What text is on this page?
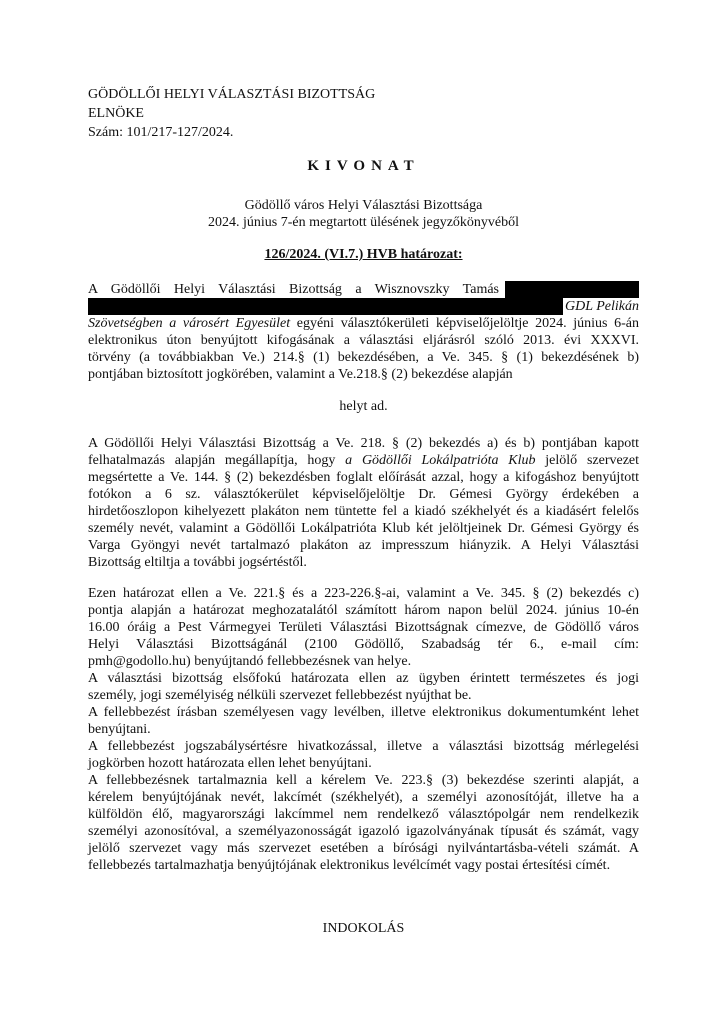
GÖDÖLLŐI HELYI VÁLASZTÁSI BIZOTTSÁG
ELNÖKE
Szám: 101/217-127/2024.
KIVONAT
Gödöllő város Helyi Választási Bizottsága
2024. június 7-én megtartott ülésének jegyzőkönyvéből
126/2024. (VI.7.) HVB határozat:
A Gödöllői Helyi Választási Bizottság a Wisznovszky Tamás
GDL Pelikán
Szövetségben a városért Egyesület egyéni választókerületi képviselőjelöltje 2024. június 6-án
elektronikus úton benyújtott kifogásának a választási eljárásról szóló 2013. évi XXXVI.
törvény (a továbbiakban Ve.) 214.§ (1) bekezdésében, a Ve. 345. § (1) bekezdésének b)
pontjában biztosított jogkörében, valamint a Ve.218.§ (2) bekezdése alapján
helyt ad.
A Gödöllői Helyi Választási Bizottság a Ve. 218. § (2) bekezdés a) és b) pontjában kapott
felhatalmazás alapján megállapítja, hogy a Gödöllői Lokálpatrióta Klub jelölő szervezet
megsértette a Ve. 144. § (2) bekezdésben foglalt előírását azzal, hogy a kifogáshoz benyújtott
fotókon a 6 sz. választókerület képviselőjelöltje Dr. Gémesi György érdekében a
hirdetőoszlopon kihelyezett plakáton nem tüntette fel a kiadó székhelyét és a kiadásért felelős
személy nevét, valamint a Gödöllői Lokálpatrióta Klub két jelöltjeinek Dr. Gémesi György és
Varga Gyöngyi nevét tartalmazó plakáton az impresszum hiányzik. A Helyi Választási
Bizottság eltiltja a további jogsértéstől.
Ezen határozat ellen a Ve. 221.§ és a 223-226.§-ai, valamint a Ve. 345. § (2) bekezdés c)
pontja alapján a határozat meghozatalától számított három napon belül 2024. június 10-én
16.00 óráig a Pest Vármegyei Területi Választási Bizottságnak címezve, de Gödöllő város
Helyi Választási Bizottságánál (2100 Gödöllő, Szabadság tér 6., e-mail cím:
pmh@godollo.hu) benyújtandó fellebbezésnek van helye.
A választási bizottság elsőfokú határozata ellen az ügyben érintett természetes és jogi
személy, jogi személyiség nélküli szervezet fellebbezést nyújthat be.
A fellebbezést írásban személyesen vagy levélben, illetve elektronikus dokumentumként lehet
benyújtani.
A fellebbezést jogszabálysértésre hivatkozással, illetve a választási bizottság mérlegelési
jogkörben hozott határozata ellen lehet benyújtani.
A fellebbezésnek tartalmaznia kell a kérelem Ve. 223.§ (3) bekezdése szerinti alapját, a
kérelem benyújtójának nevét, lakcímét (székhelyét), a személyi azonosítóját, illetve ha a
külföldön élő, magyarországi lakcímmel nem rendelkező választópolgár nem rendelkezik
személyi azonosítóval, a személyazonosságát igazoló igazolványának típusát és számát, vagy
jelölő szervezet vagy más szervezet esetében a bírósági nyilvántartásba-vételi számát. A
fellebbezés tartalmazhatja benyújtójának elektronikus levélcímét vagy postai értesítési címét.
INDOKOLÁS
